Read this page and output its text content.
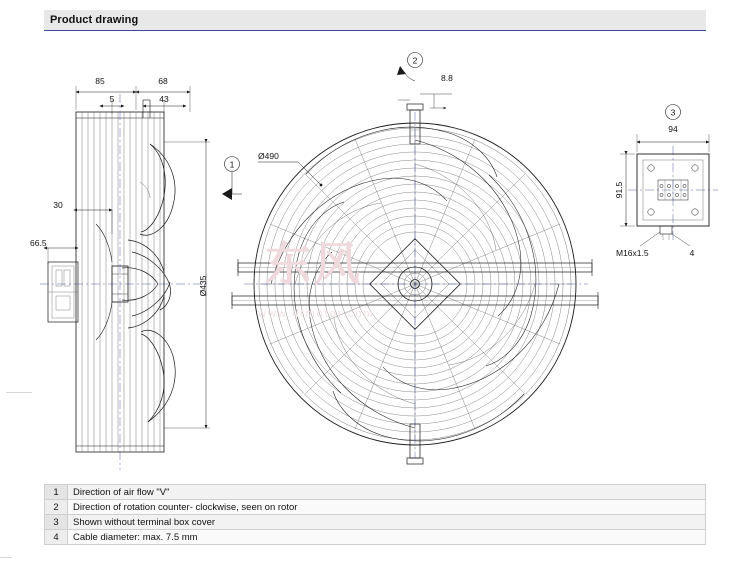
Product drawing
85	68
5	43
30
66.5
Ø435
1
Ø490
8.8
2
94
91.5
4
M16x1.5
3
东风
www.dfmotor.com
1	Direction of air flow "V"
2	Direction of rotation counter- clockwise, seen on rotor
3	Shown without terminal box cover
4	Cable diameter: max. 7.5 mm
